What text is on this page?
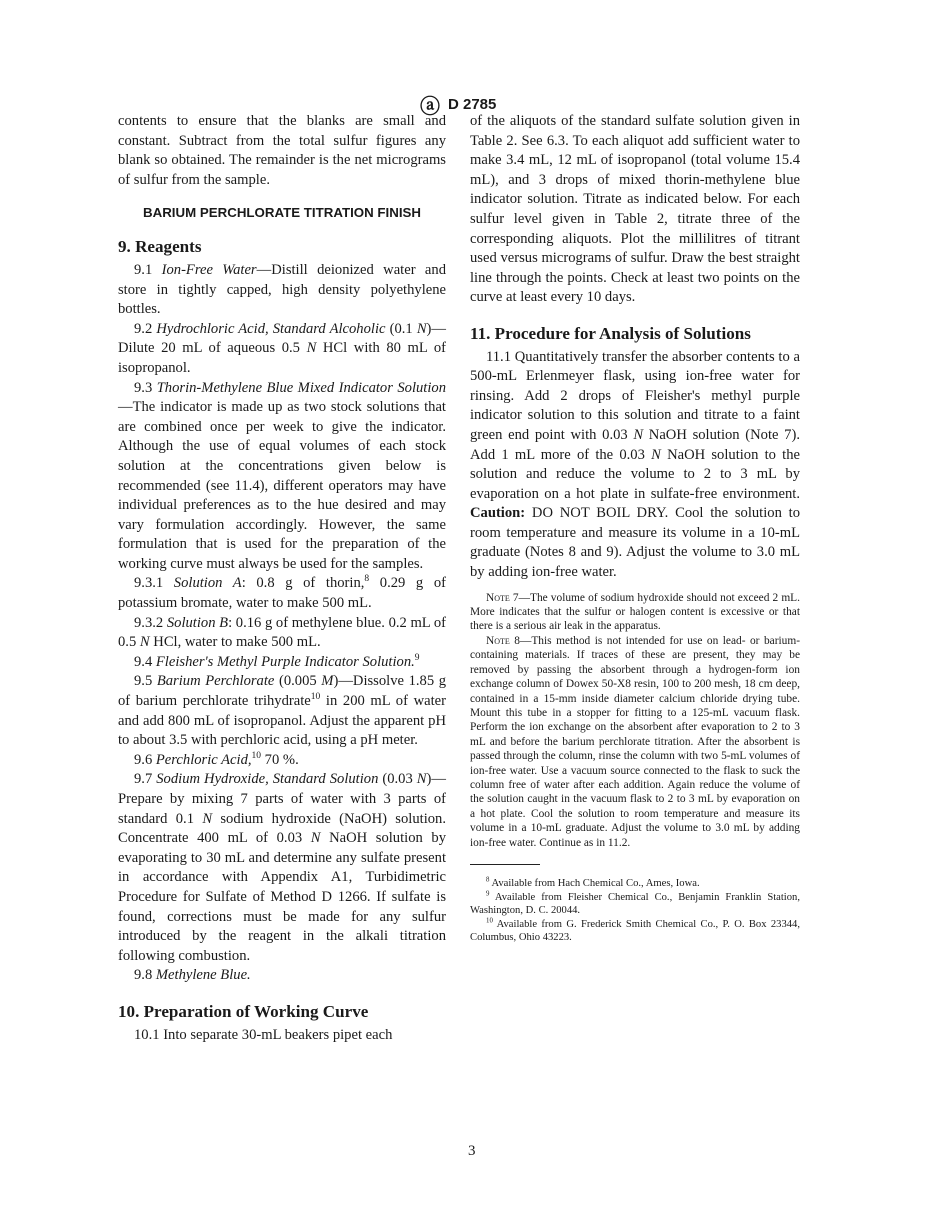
ⓐ D 2785

contents to ensure that the blanks are small and constant. Subtract from the total sulfur figures any blank so obtained. The remainder is the net micrograms of sulfur from the sample.

BARIUM PERCHLORATE TITRATION FINISH
9. Reagents

9.1 Ion-Free Water—Distill deionized water and store in tightly capped, high density polyethylene bottles.

9.2 Hydrochloric Acid, Standard Alcoholic (0.1 N)—Dilute 20 mL of aqueous 0.5 N HCl with 80 mL of isopropanol.

9.3 Thorin-Methylene Blue Mixed Indicator Solution—The indicator is made up as two stock solutions that are combined once per week to give the indicator. Although the use of equal volumes of each stock solution at the concentrations given below is recommended (see 11.4), different operators may have individual preferences as to the hue desired and may vary formulation accordingly. However, the same formulation that is used for the preparation of the working curve must always be used for the samples.

9.3.1 Solution A: 0.8 g of thorin,$^8$ 0.29 g of potassium bromate, water to make 500 mL.

9.3.2 Solution B: 0.16 g of methylene blue. 0.2 mL of 0.5 N HCl, water to make 500 mL.

9.4 Fleisher's Methyl Purple Indicator Solution.$^9$

9.5 Barium Perchlorate (0.005 M)—Dissolve 1.85 g of barium perchlorate trihydrate$^{10}$ in 200 mL of water and add 800 mL of isopropanol. Adjust the apparent pH to about 3.5 with perchloric acid, using a pH meter.

9.6 Perchloric Acid,$^{10}$ 70 %.

9.7 Sodium Hydroxide, Standard Solution (0.03 N)—Prepare by mixing 7 parts of water with 3 parts of standard 0.1 N sodium hydroxide (NaOH) solution. Concentrate 400 mL of 0.03 N NaOH solution by evaporating to 30 mL and determine any sulfate present in accordance with Appendix A1, Turbidimetric Procedure for Sulfate of Method D 1266. If sulfate is found, corrections must be made for any sulfur introduced by the reagent in the alkali titration following combustion.

9.8 Methylene Blue.

10. Preparation of Working Curve

10.1 Into separate 30-mL beakers pipet each

of the aliquots of the standard sulfate solution given in Table 2. See 6.3. To each aliquot add sufficient water to make 3.4 mL, 12 mL of isopropanol (total volume 15.4 mL), and 3 drops of mixed thorin-methylene blue indicator solution. Titrate as indicated below. For each sulfur level given in Table 2, titrate three of the corresponding aliquots. Plot the millilitres of titrant used versus micrograms of sulfur. Draw the best straight line through the points. Check at least two points on the curve at least every 10 days.

11. Procedure for Analysis of Solutions

11.1 Quantitatively transfer the absorber contents to a 500-mL Erlenmeyer flask, using ion-free water for rinsing. Add 2 drops of Fleisher's methyl purple indicator solution to this solution and titrate to a faint green end point with 0.03 N NaOH solution (Note 7). Add 1 mL more of the 0.03 N NaOH solution to the solution and reduce the volume to 2 to 3 mL by evaporation on a hot plate in sulfate-free environment. Caution: DO NOT BOIL DRY. Cool the solution to room temperature and measure its volume in a 10-mL graduate (Notes 8 and 9). Adjust the volume to 3.0 mL by adding ion-free water.

Note 7—The volume of sodium hydroxide should not exceed 2 mL. More indicates that the sulfur or halogen content is excessive or that there is a serious air leak in the apparatus.

Note 8—This method is not intended for use on lead- or barium-containing materials. If traces of these are present, they may be removed by passing the absorbent through a hydrogen-form ion exchange column of Dowex 50-X8 resin, 100 to 200 mesh, 18 cm deep, contained in a 15-mm inside diameter calcium chloride drying tube. Mount this tube in a stopper for fitting to a 125-mL vacuum flask. Perform the ion exchange on the absorbent after evaporation to 2 to 3 mL and before the barium perchlorate titration. After the absorbent is passed through the column, rinse the column with two 5-mL volumes of ion-free water. Use a vacuum source connected to the flask to suck the column free of water after each addition. Again reduce the volume of the solution caught in the vacuum flask to 2 to 3 mL by evaporation on a hot plate. Cool the solution to room temperature and measure its volume in a 10-mL graduate. Adjust the volume to 3.0 mL by adding ion-free water. Continue as in 11.2.

$^8$ Available from Hach Chemical Co., Ames, Iowa.

$^9$ Available from Fleisher Chemical Co., Benjamin Franklin Station, Washington, D. C. 20044.

$^{10}$ Available from G. Frederick Smith Chemical Co., P. O. Box 23344, Columbus, Ohio 43223.

3
